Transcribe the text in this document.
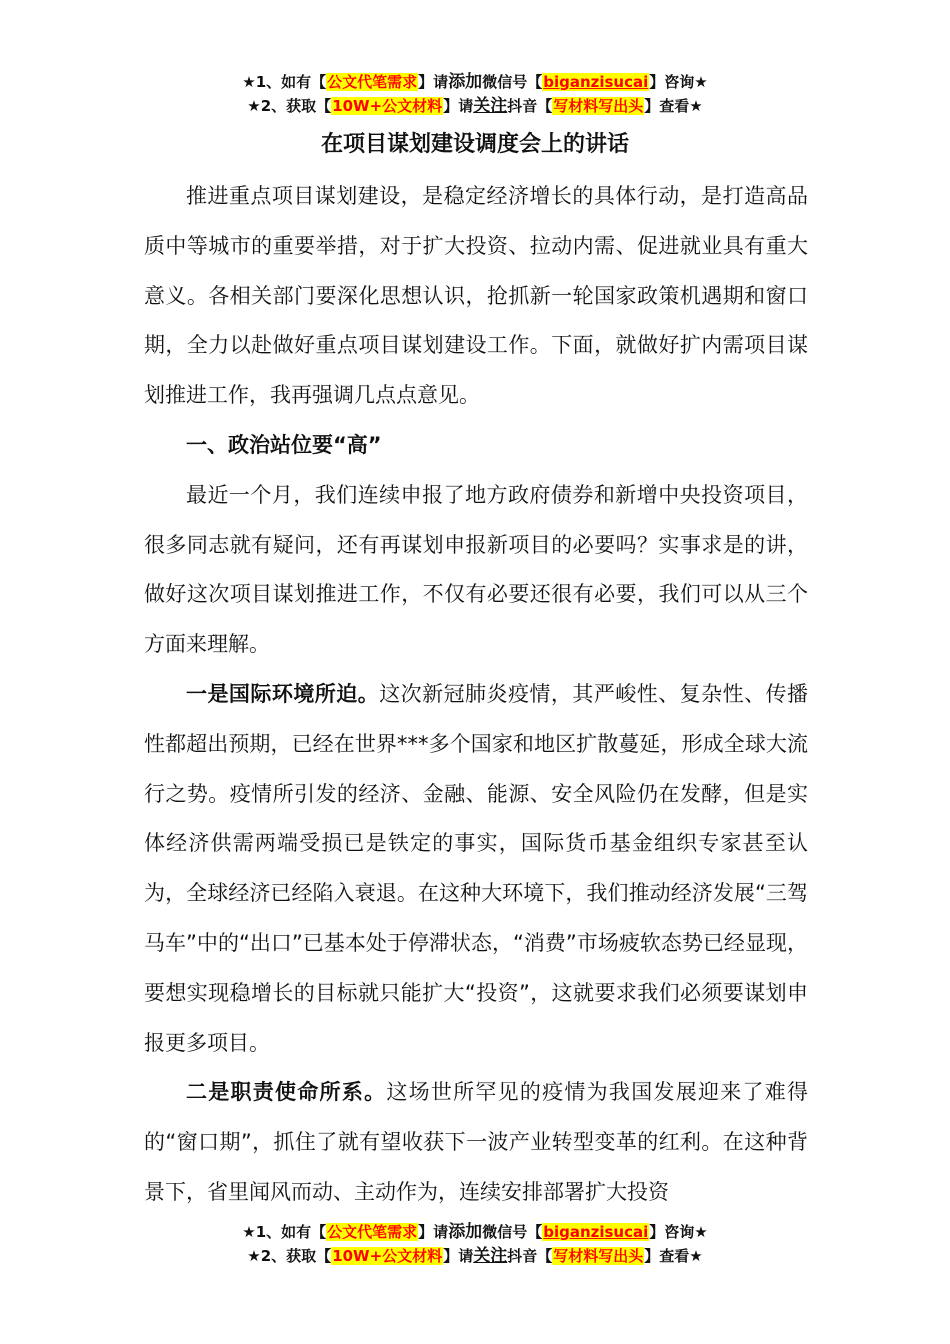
★1、如有【公文代笔需求】请添加微信号【biganzisucai】咨询★
★2、获取【10W+公文材料】请关注抖音【写材料写出头】查看★
在项目谋划建设调度会上的讲话

推进重点项目谋划建设，是稳定经济增长的具体行动，是打造高品质中等城市的重要举措，对于扩大投资、拉动内需、促进就业具有重大意义。各相关部门要深化思想认识，抢抓新一轮国家政策机遇期和窗口期，全力以赴做好重点项目谋划建设工作。下面，就做好扩内需项目谋划推进工作，我再强调几点点意见。

一、政治站位要“高”

最近一个月，我们连续申报了地方政府债券和新增中央投资项目，很多同志就有疑问，还有再谋划申报新项目的必要吗？实事求是的讲，做好这次项目谋划推进工作，不仅有必要还很有必要，我们可以从三个方面来理解。

一是国际环境所迫。这次新冠肺炎疫情，其严峻性、复杂性、传播性都超出预期，已经在世界***多个国家和地区扩散蔓延，形成全球大流行之势。疫情所引发的经济、金融、能源、安全风险仍在发酵，但是实体经济供需两端受损已是铁定的事实，国际货币基金组织专家甚至认为，全球经济已经陷入衰退。在这种大环境下，我们推动经济发展“三驾马车”中的“出口”已基本处于停滞状态，“消费”市场疲软态势已经显现，要想实现稳增长的目标就只能扩大“投资”，这就要求我们必须要谋划申报更多项目。

二是职责使命所系。这场世所罕见的疫情为我国发展迎来了难得的“窗口期”，抓住了就有望收获下一波产业转型变革的红利。在这种背景下，省里闻风而动、主动作为，连续安排部署扩大投资

★1、如有【公文代笔需求】请添加微信号【biganzisucai】咨询★
★2、获取【10W+公文材料】请关注抖音【写材料写出头】查看★
